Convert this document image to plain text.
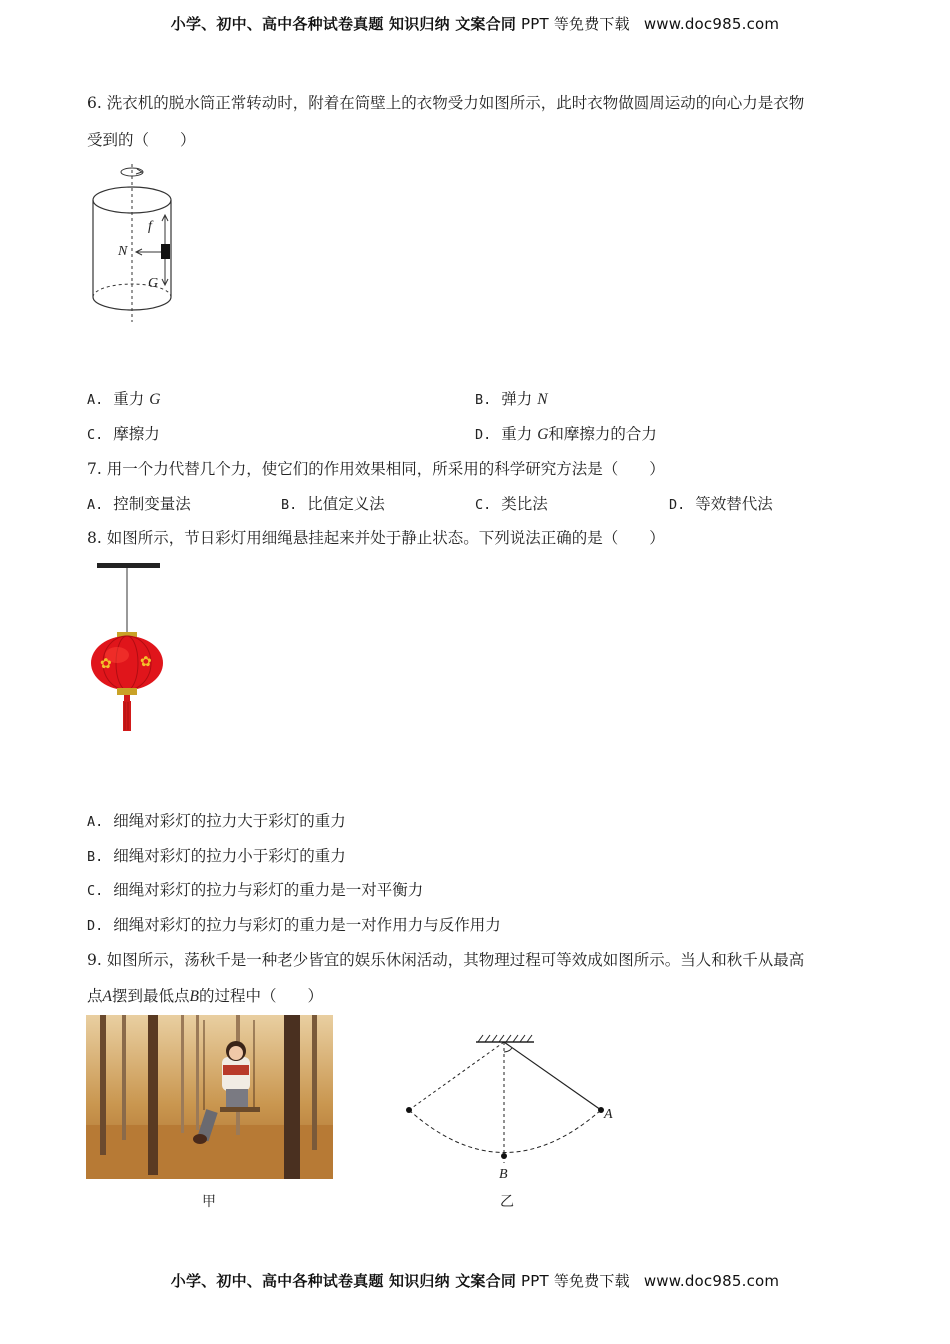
小学、初中、高中各种试卷真题 知识归纳 文案合同 PPT 等免费下载 www.doc985.com
6. 洗衣机的脱水筒正常转动时，附着在筒壁上的衣物受力如图所示，此时衣物做圆周运动的向心力是衣物
受到的（　　）
f
N
G
A. 重力 G	B. 弹力 N
C. 摩擦力	D. 重力 G和摩擦力的合力
7. 用一个力代替几个力，使它们的作用效果相同，所采用的科学研究方法是（　　）
A. 控制变量法	B. 比值定义法	C. 类比法	D. 等效替代法
8. 如图所示，节日彩灯用细绳悬挂起来并处于静止状态。下列说法正确的是（　　）
✿ ✿
A. 细绳对彩灯的拉力大于彩灯的重力
B. 细绳对彩灯的拉力小于彩灯的重力
C. 细绳对彩灯的拉力与彩灯的重力是一对平衡力
D. 细绳对彩灯的拉力与彩灯的重力是一对作用力与反作用力
9. 如图所示，荡秋千是一种老少皆宜的娱乐休闲活动，其物理过程可等效成如图所示。当人和秋千从最高
点A摆到最低点B的过程中（　　）
甲
A
B
乙
小学、初中、高中各种试卷真题 知识归纳 文案合同 PPT 等免费下载 www.doc985.com
